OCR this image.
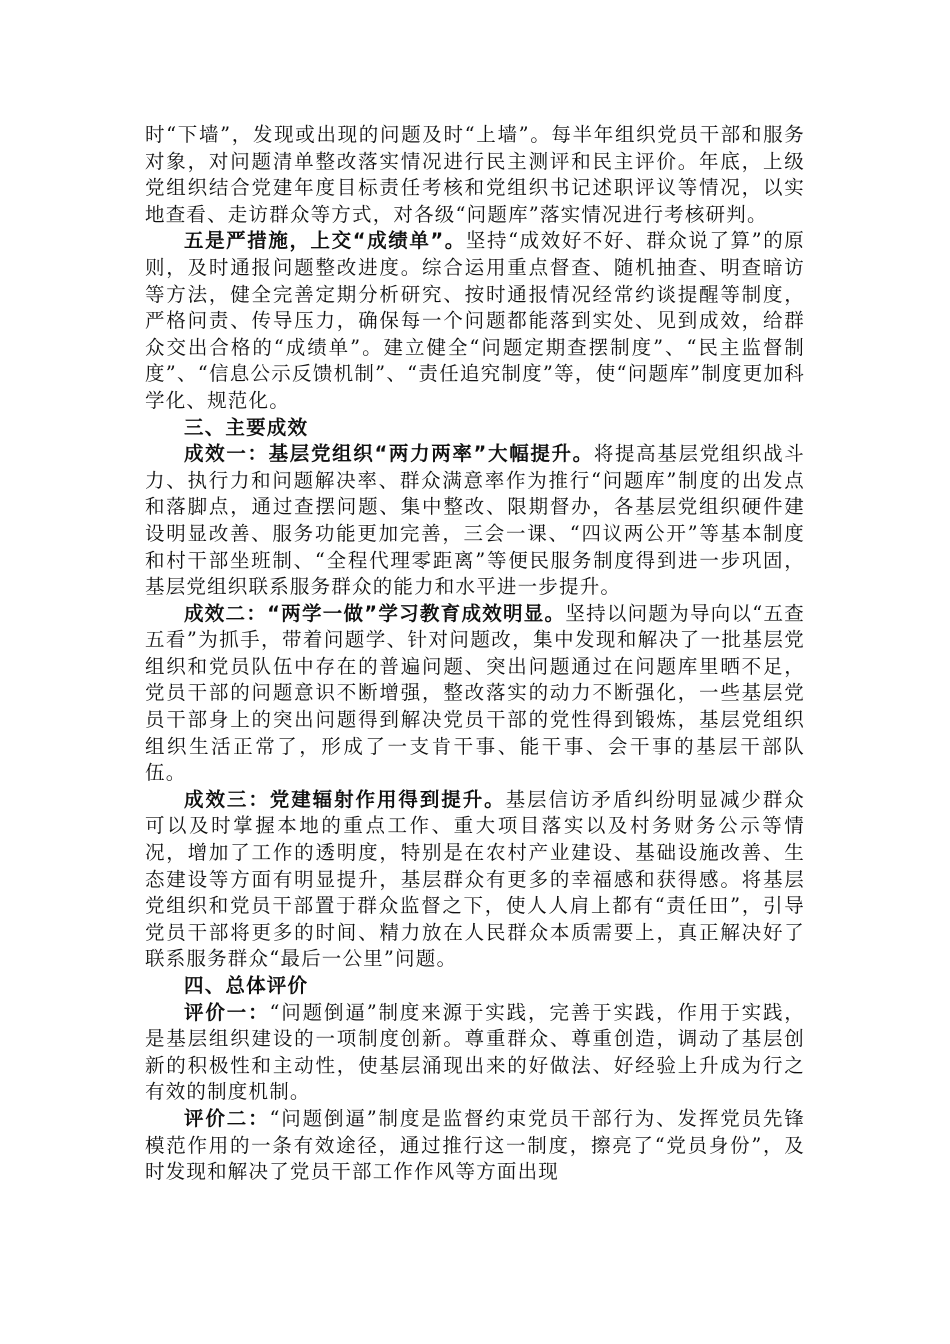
时“下墙”，发现或出现的问题及时“上墙”。每半年组织党员干部和服务对象，对问题清单整改落实情况进行民主测评和民主评价。年底，上级党组织结合党建年度目标责任考核和党组织书记述职评议等情况，以实地查看、走访群众等方式，对各级“问题库”落实情况进行考核研判。

五是严措施，上交“成绩单”。坚持“成效好不好、群众说了算”的原则，及时通报问题整改进度。综合运用重点督查、随机抽查、明查暗访等方法，健全完善定期分析研究、按时通报情况经常约谈提醒等制度，严格问责、传导压力，确保每一个问题都能落到实处、见到成效，给群众交出合格的“成绩单”。建立健全“问题定期查摆制度”、“民主监督制度”、“信息公示反馈机制”、“责任追究制度”等，使“问题库”制度更加科学化、规范化。

三、主要成效

成效一：基层党组织“两力两率”大幅提升。将提高基层党组织战斗力、执行力和问题解决率、群众满意率作为推行“问题库”制度的出发点和落脚点，通过查摆问题、集中整改、限期督办，各基层党组织硬件建设明显改善、服务功能更加完善，三会一课、“四议两公开”等基本制度和村干部坐班制、“全程代理零距离”等便民服务制度得到进一步巩固，基层党组织联系服务群众的能力和水平进一步提升。

成效二：“两学一做”学习教育成效明显。坚持以问题为导向以“五查五看”为抓手，带着问题学、针对问题改，集中发现和解决了一批基层党组织和党员队伍中存在的普遍问题、突出问题通过在问题库里晒不足，党员干部的问题意识不断增强，整改落实的动力不断强化，一些基层党员干部身上的突出问题得到解决党员干部的党性得到锻炼，基层党组织组织生活正常了，形成了一支肯干事、能干事、会干事的基层干部队伍。

成效三：党建辐射作用得到提升。基层信访矛盾纠纷明显减少群众可以及时掌握本地的重点工作、重大项目落实以及村务财务公示等情况，增加了工作的透明度，特别是在农村产业建设、基础设施改善、生态建设等方面有明显提升，基层群众有更多的幸福感和获得感。将基层党组织和党员干部置于群众监督之下，使人人肩上都有“责任田”，引导党员干部将更多的时间、精力放在人民群众本质需要上，真正解决好了联系服务群众“最后一公里”问题。

四、总体评价

评价一：“问题倒逼”制度来源于实践，完善于实践，作用于实践，是基层组织建设的一项制度创新。尊重群众、尊重创造，调动了基层创新的积极性和主动性，使基层涌现出来的好做法、好经验上升成为行之有效的制度机制。

评价二：“问题倒逼”制度是监督约束党员干部行为、发挥党员先锋模范作用的一条有效途径，通过推行这一制度，擦亮了“党员身份”，及时发现和解决了党员干部工作作风等方面出现
